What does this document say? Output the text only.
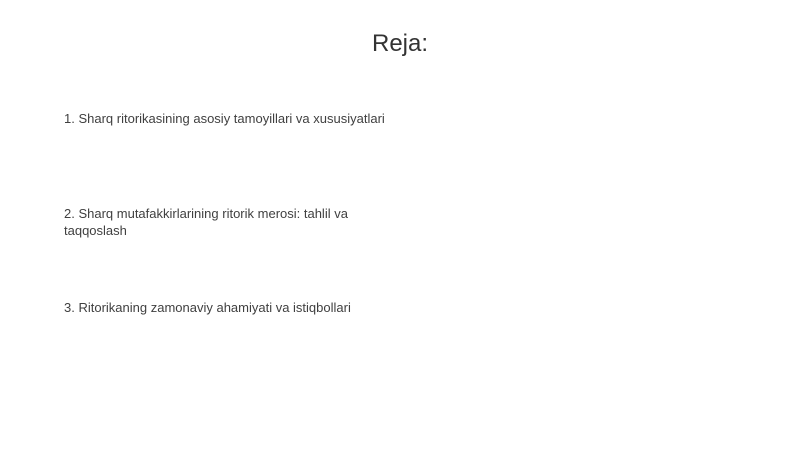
Reja:
1. Sharq ritorikasining asosiy tamoyillari va xususiyatlari
2. Sharq mutafakkirlarining ritorik merosi: tahlil va taqqoslash
3. Ritorikaning zamonaviy ahamiyati va istiqbollari
